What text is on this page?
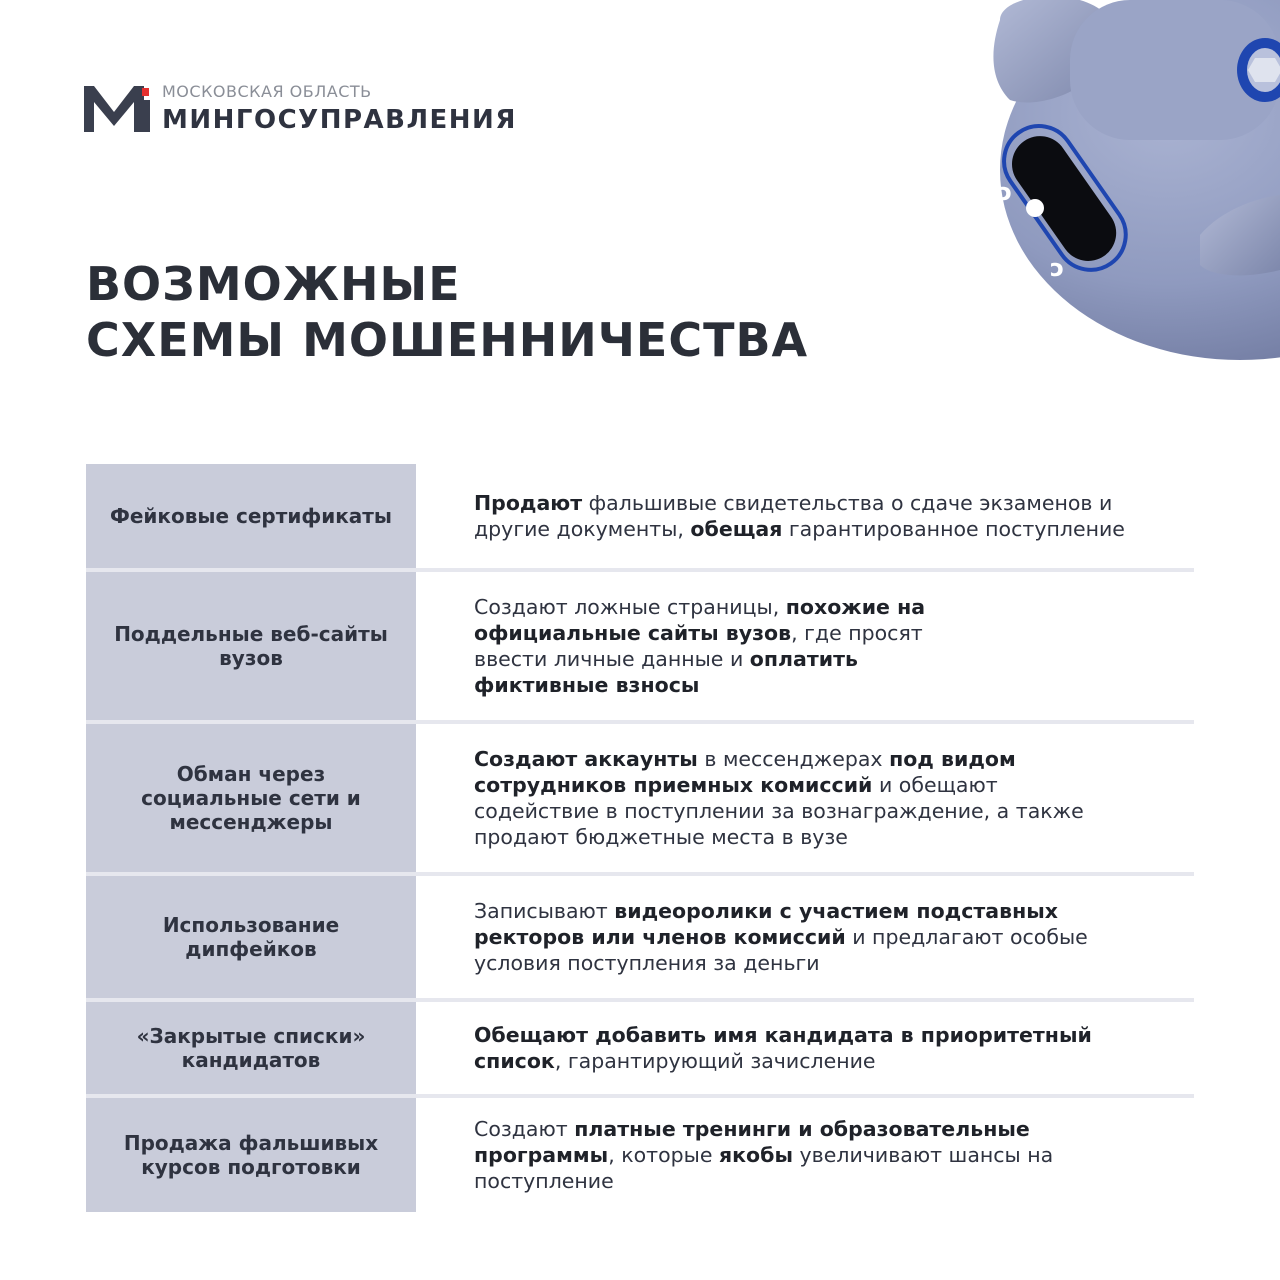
МОСКОВСКАЯ ОБЛАСТЬ
МИНГОСУПРАВЛЕНИЯ
ↄ
ↄ
ВОЗМОЖНЫЕ
СХЕМЫ МОШЕННИЧЕСТВА
Фейковые сертификаты

Продают фальшивые свидетельства о сдаче экзаменов и другие документы, обещая гарантированное поступление

Поддельные веб-сайты вузов

Создают ложные страницы, похожие на официальные сайты вузов, где просят ввести личные данные и оплатить фиктивные взносы

Обман через социальные сети и мессенджеры

Создают аккаунты в мессенджерах под видом сотрудников приемных комиссий и обещают содействие в поступлении за вознаграждение, а также продают бюджетные места в вузе

Использование дипфейков

Записывают видеоролики с участием подставных ректоров или членов комиссий и предлагают особые условия поступления за деньги

«Закрытые списки» кандидатов

Обещают добавить имя кандидата в приоритетный список, гарантирующий зачисление

Продажа фальшивых курсов подготовки

Создают платные тренинги и образовательные программы, которые якобы увеличивают шансы на поступление
